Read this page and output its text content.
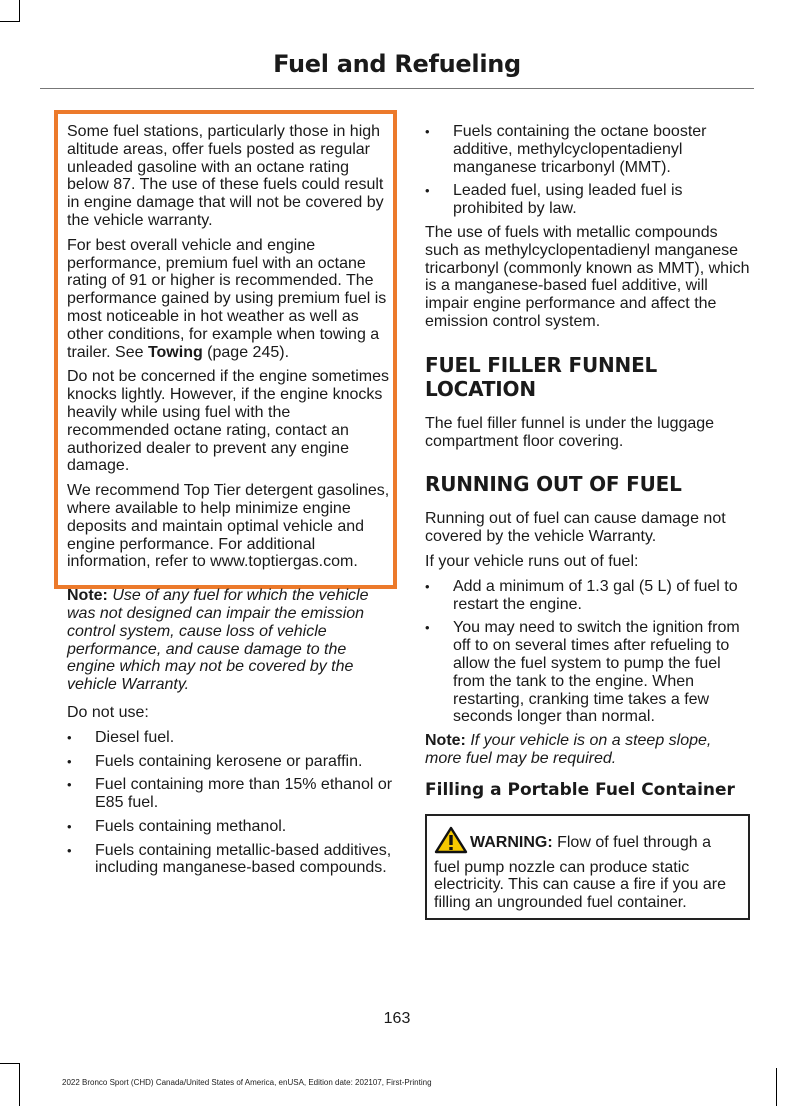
Fuel and Refueling

Some fuel stations, particularly those in high altitude areas, offer fuels posted as regular unleaded gasoline with an octane rating below 87. The use of these fuels could result in engine damage that will not be covered by the vehicle warranty.

For best overall vehicle and engine performance, premium fuel with an octane rating of 91 or higher is recommended. The performance gained by using premium fuel is most noticeable in hot weather as well as other conditions, for example when towing a trailer. See Towing (page 245).

Do not be concerned if the engine sometimes knocks lightly. However, if the engine knocks heavily while using fuel with the recommended octane rating, contact an authorized dealer to prevent any engine damage.

We recommend Top Tier detergent gasolines, where available to help minimize engine deposits and maintain optimal vehicle and engine performance. For additional information, refer to www.toptiergas.com.

Note: Use of any fuel for which the vehicle was not designed can impair the emission control system, cause loss of vehicle performance, and cause damage to the engine which may not be covered by the vehicle Warranty.

Do not use:

• Diesel fuel.
• Fuels containing kerosene or paraffin.
• Fuel containing more than 15% ethanol or E85 fuel.
• Fuels containing methanol.
• Fuels containing metallic-based additives, including manganese-based compounds.
• Fuels containing the octane booster additive, methylcyclopentadienyl manganese tricarbonyl (MMT).
• Leaded fuel, using leaded fuel is prohibited by law.

The use of fuels with metallic compounds such as methylcyclopentadienyl manganese tricarbonyl (commonly known as MMT), which is a manganese-based fuel additive, will impair engine performance and affect the emission control system.

FUEL FILLER FUNNEL LOCATION

The fuel filler funnel is under the luggage compartment floor covering.

RUNNING OUT OF FUEL

Running out of fuel can cause damage not covered by the vehicle Warranty.

If your vehicle runs out of fuel:

• Add a minimum of 1.3 gal (5 L) of fuel to restart the engine.
• You may need to switch the ignition from off to on several times after refueling to allow the fuel system to pump the fuel from the tank to the engine. When restarting, cranking time takes a few seconds longer than normal.

Note: If your vehicle is on a steep slope, more fuel may be required.

Filling a Portable Fuel Container
WARNING: Flow of fuel through a fuel pump nozzle can produce static electricity. This can cause a fire if you are filling an ungrounded fuel container.
163
2022 Bronco Sport (CHD) Canada/United States of America, enUSA, Edition date: 202107, First-Printing
